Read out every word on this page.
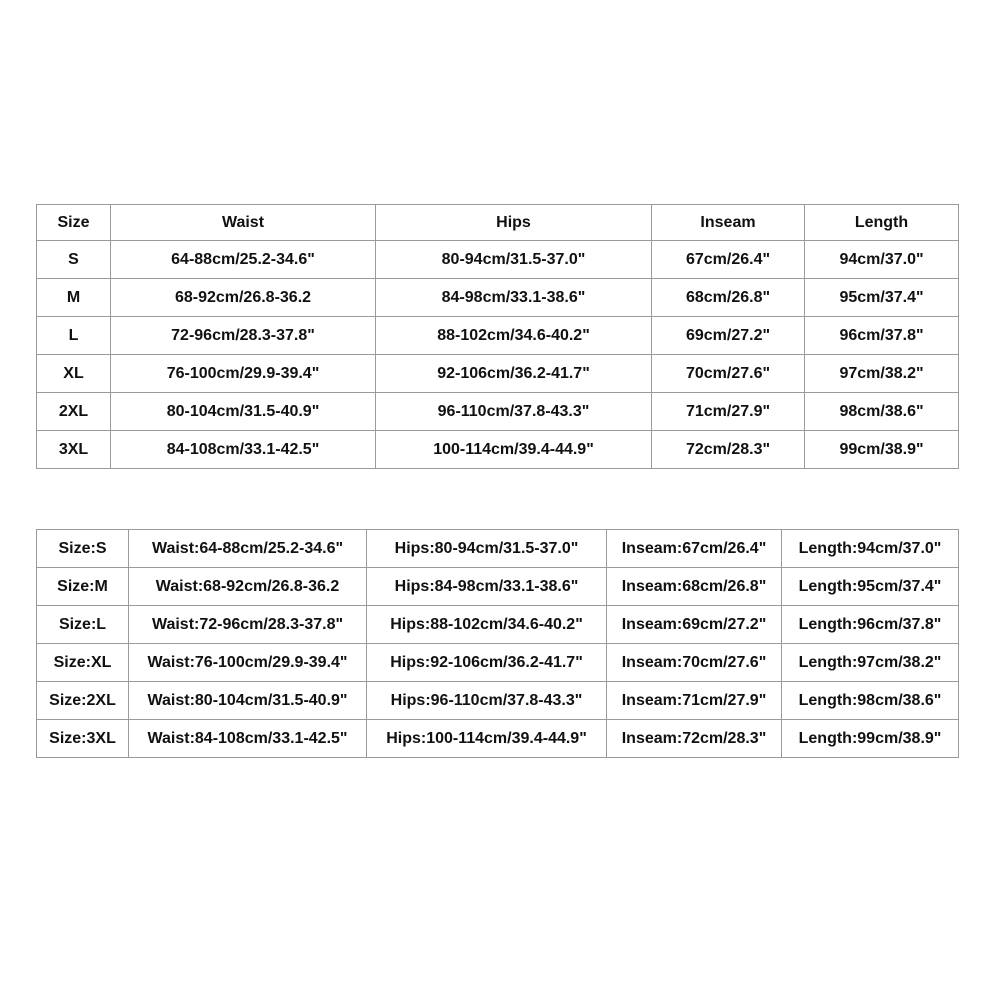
Size	Waist	Hips	Inseam	Length
S	64-88cm/25.2-34.6"	80-94cm/31.5-37.0"	67cm/26.4"	94cm/37.0"
M	68-92cm/26.8-36.2	84-98cm/33.1-38.6"	68cm/26.8"	95cm/37.4"
L	72-96cm/28.3-37.8"	88-102cm/34.6-40.2"	69cm/27.2"	96cm/37.8"
XL	76-100cm/29.9-39.4"	92-106cm/36.2-41.7"	70cm/27.6"	97cm/38.2"
2XL	80-104cm/31.5-40.9"	96-110cm/37.8-43.3"	71cm/27.9"	98cm/38.6"
3XL	84-108cm/33.1-42.5"	100-114cm/39.4-44.9"	72cm/28.3"	99cm/38.9"
Size:S	Waist:64-88cm/25.2-34.6"	Hips:80-94cm/31.5-37.0"	Inseam:67cm/26.4"	Length:94cm/37.0"
Size:M	Waist:68-92cm/26.8-36.2	Hips:84-98cm/33.1-38.6"	Inseam:68cm/26.8"	Length:95cm/37.4"
Size:L	Waist:72-96cm/28.3-37.8"	Hips:88-102cm/34.6-40.2"	Inseam:69cm/27.2"	Length:96cm/37.8"
Size:XL	Waist:76-100cm/29.9-39.4"	Hips:92-106cm/36.2-41.7"	Inseam:70cm/27.6"	Length:97cm/38.2"
Size:2XL	Waist:80-104cm/31.5-40.9"	Hips:96-110cm/37.8-43.3"	Inseam:71cm/27.9"	Length:98cm/38.6"
Size:3XL	Waist:84-108cm/33.1-42.5"	Hips:100-114cm/39.4-44.9"	Inseam:72cm/28.3"	Length:99cm/38.9"
